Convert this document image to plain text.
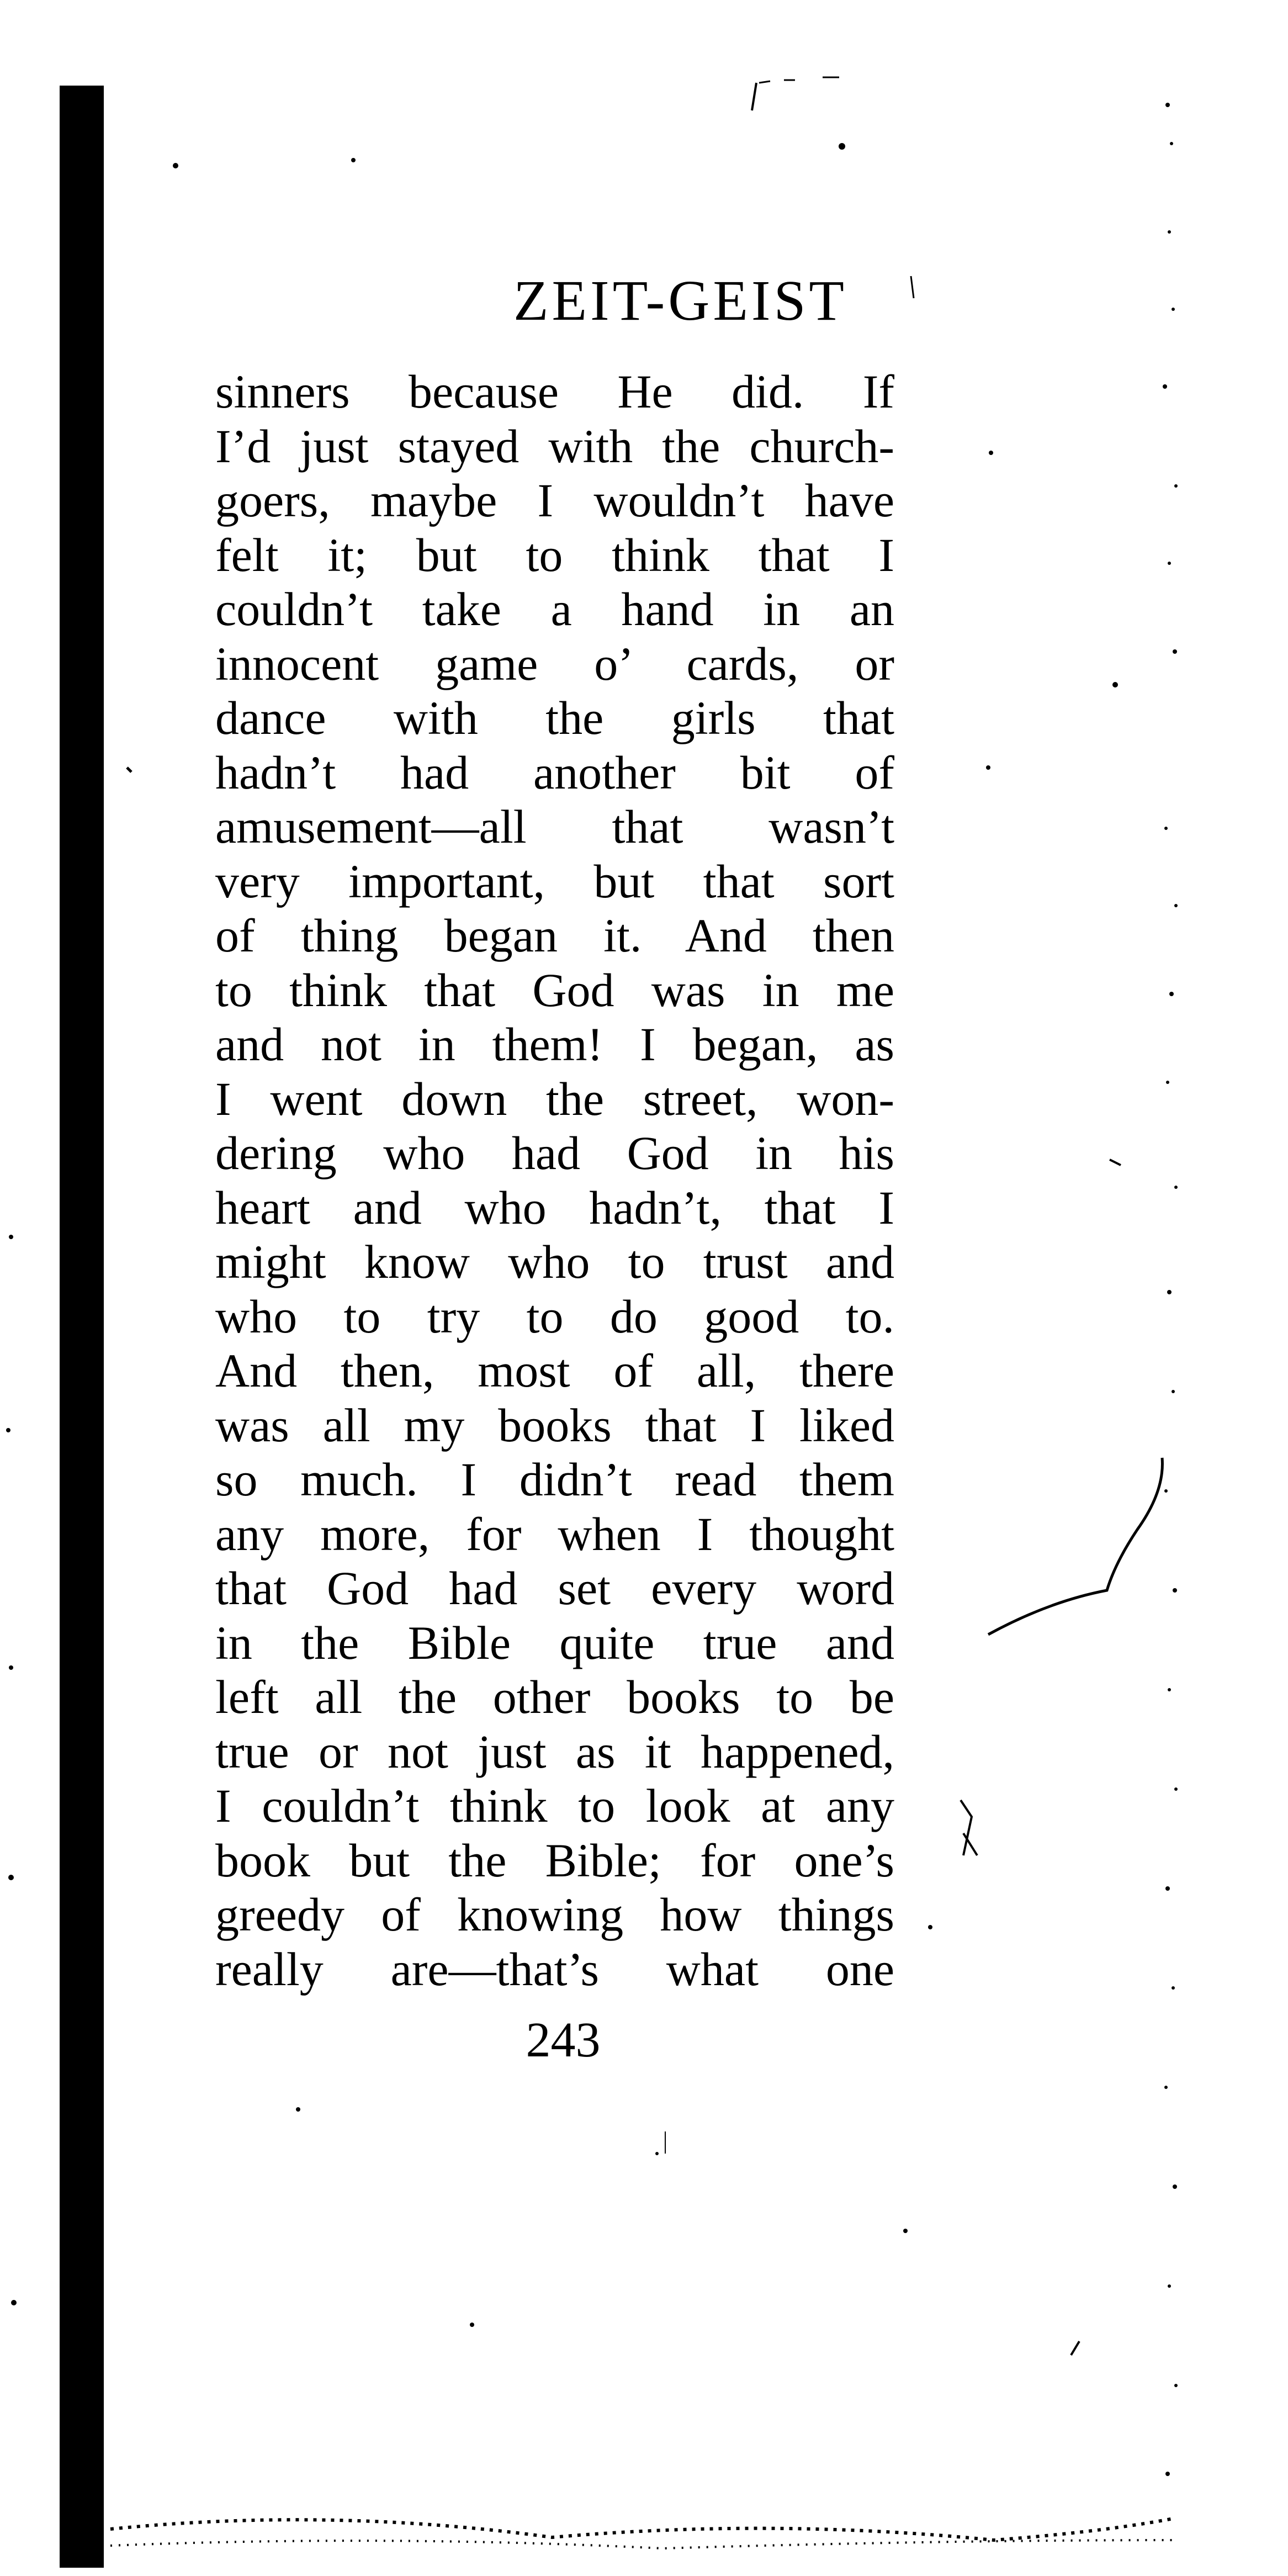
ZEIT-GEIST
sinners because He did. If
I’d just stayed with the church-
goers, maybe I wouldn’t have
felt it; but to think that I
couldn’t take a hand in an
innocent game o’ cards, or
dance with the girls that
hadn’t had another bit of
amusement—all that wasn’t
very important, but that sort
of thing began it. And then
to think that God was in me
and not in them! I began, as
I went down the street, won-
dering who had God in his
heart and who hadn’t, that I
might know who to trust and
who to try to do good to.
And then, most of all, there
was all my books that I liked
so much. I didn’t read them
any more, for when I thought
that God had set every word
in the Bible quite true and
left all the other books to be
true or not just as it happened,
I couldn’t think to look at any
book but the Bible; for one’s
greedy of knowing how things
really are—that’s what one
243
